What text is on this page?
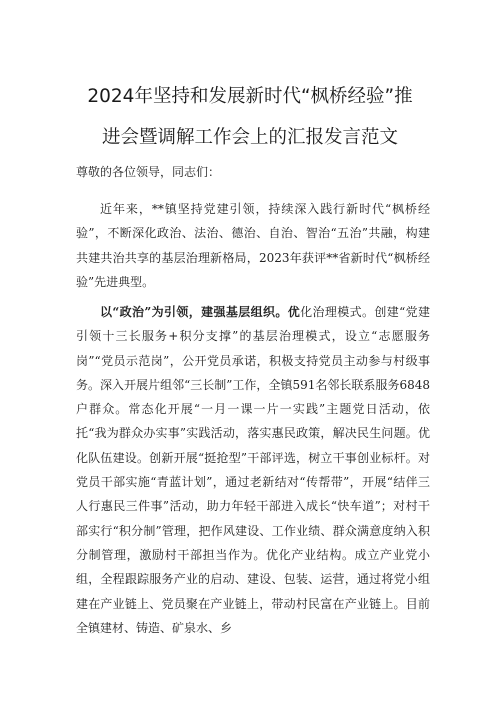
2024年坚持和发展新时代“枫桥经验”推
进会暨调解工作会上的汇报发言范文

尊敬的各位领导，同志们：

近年来，**镇坚持党建引领，持续深入践行新时代“枫桥经验”，不断深化政治、法治、德治、自治、智治“五治”共融，构建共建共治共享的基层治理新格局，2023年获评**省新时代“枫桥经验”先进典型。

以“政治”为引领，建强基层组织。优化治理模式。创建“党建引领十三长服务+积分支撑”的基层治理模式，设立“志愿服务岗”“党员示范岗”，公开党员承诺，积极支持党员主动参与村级事务。深入开展片组邻“三长制”工作，全镇591名邻长联系服务6848户群众。常态化开展“一月一课一片一实践”主题党日活动，依托“我为群众办实事”实践活动，落实惠民政策，解决民生问题。优化队伍建设。创新开展“挺抢型”干部评选，树立干事创业标杆。对党员干部实施“青蓝计划”，通过老新结对“传帮带”，开展“结伴三人行惠民三件事”活动，助力年轻干部进入成长“快车道”；对村干部实行“积分制”管理，把作风建设、工作业绩、群众满意度纳入积分制管理，激励村干部担当作为。优化产业结构。成立产业党小组，全程跟踪服务产业的启动、建设、包装、运营，通过将党小组建在产业链上、党员聚在产业链上，带动村民富在产业链上。目前全镇建材、铸造、矿泉水、乡
